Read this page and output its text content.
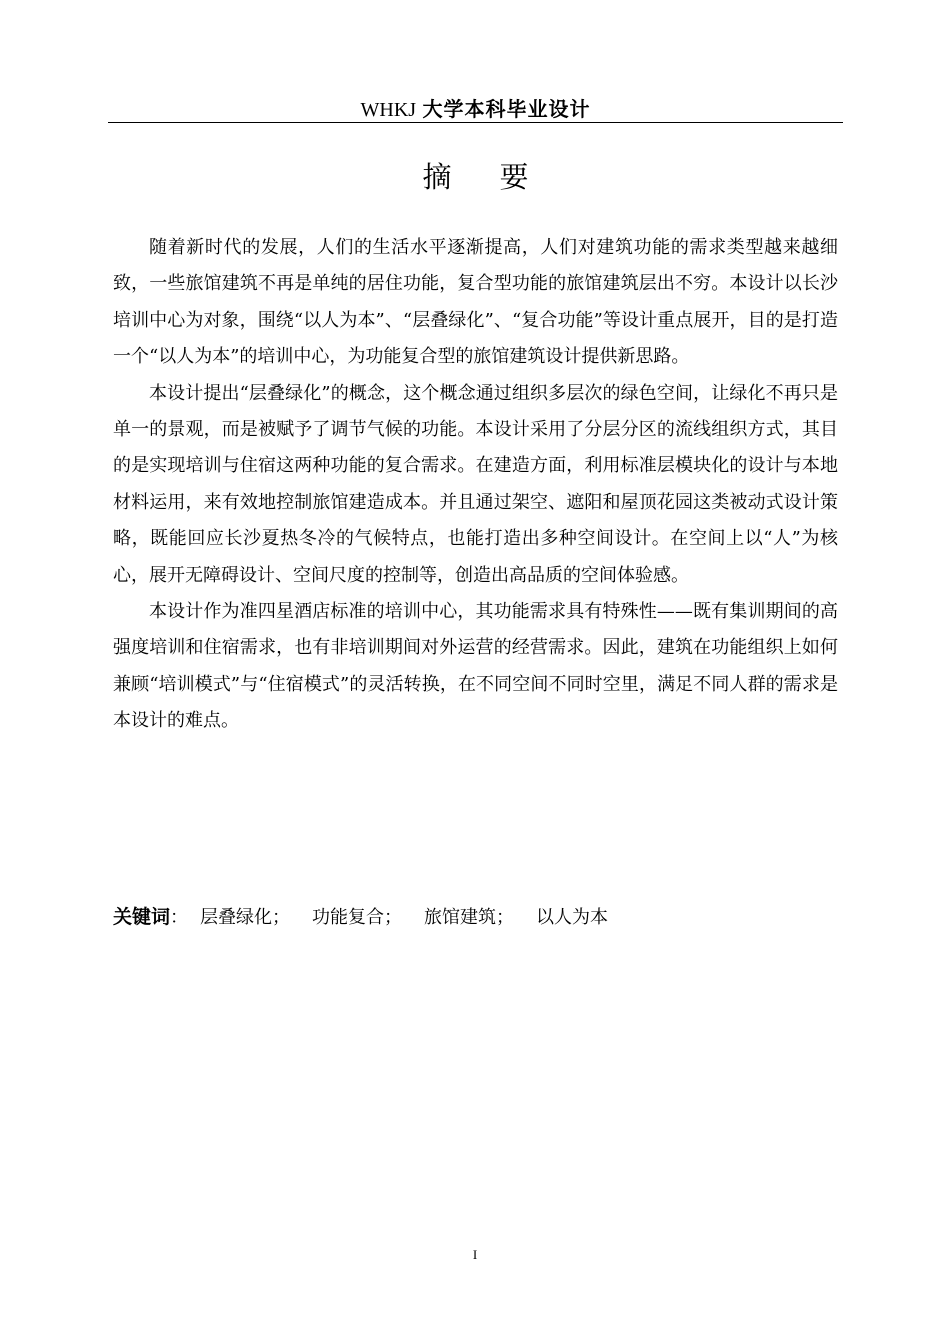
WHKJ 大学本科毕业设计
摘 要

随着新时代的发展，人们的生活水平逐渐提高，人们对建筑功能的需求类型越来越细致，一些旅馆建筑不再是单纯的居住功能，复合型功能的旅馆建筑层出不穷。本设计以长沙培训中心为对象，围绕“以人为本”、“层叠绿化”、“复合功能”等设计重点展开，目的是打造一个“以人为本”的培训中心，为功能复合型的旅馆建筑设计提供新思路。

本设计提出“层叠绿化”的概念，这个概念通过组织多层次的绿色空间，让绿化不再只是单一的景观，而是被赋予了调节气候的功能。本设计采用了分层分区的流线组织方式，其目的是实现培训与住宿这两种功能的复合需求。在建造方面，利用标准层模块化的设计与本地材料运用，来有效地控制旅馆建造成本。并且通过架空、遮阳和屋顶花园这类被动式设计策略，既能回应长沙夏热冬冷的气候特点，也能打造出多种空间设计。在空间上以“人”为核心，展开无障碍设计、空间尺度的控制等，创造出高品质的空间体验感。

本设计作为准四星酒店标准的培训中心，其功能需求具有特殊性——既有集训期间的高强度培训和住宿需求，也有非培训期间对外运营的经营需求。因此，建筑在功能组织上如何兼顾“培训模式”与“住宿模式”的灵活转换，在不同空间不同时空里，满足不同人群的需求是本设计的难点。

关键词： 层叠绿化； 功能复合； 旅馆建筑； 以人为本
I
